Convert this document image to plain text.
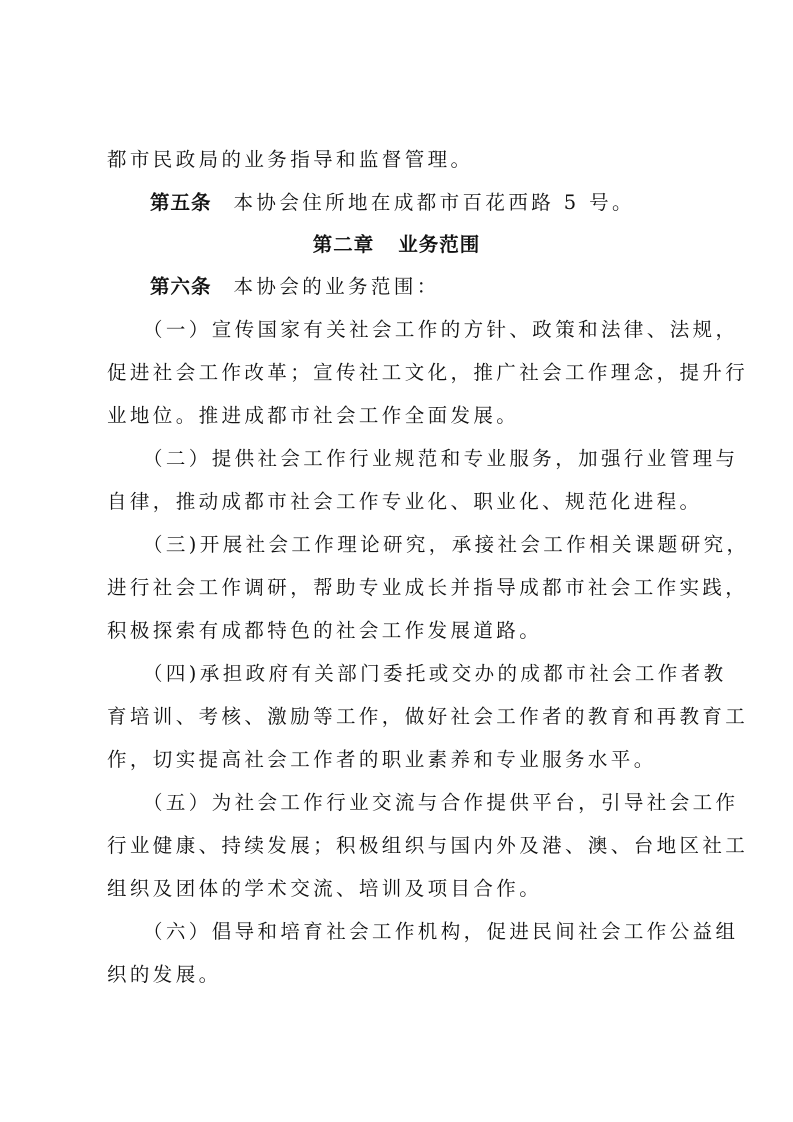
都市民政局的业务指导和监督管理。
第五条 本协会住所地在成都市百花西路 5 号。
第二章 业务范围
第六条 本协会的业务范围：
（一）宣传国家有关社会工作的方针、政策和法律、法规，
促进社会工作改革；宣传社工文化，推广社会工作理念，提升行
业地位。推进成都市社会工作全面发展。
（二）提供社会工作行业规范和专业服务，加强行业管理与
自律，推动成都市社会工作专业化、职业化、规范化进程。
（三)开展社会工作理论研究，承接社会工作相关课题研究，
进行社会工作调研，帮助专业成长并指导成都市社会工作实践，
积极探索有成都特色的社会工作发展道路。
（四)承担政府有关部门委托或交办的成都市社会工作者教
育培训、考核、激励等工作，做好社会工作者的教育和再教育工
作，切实提高社会工作者的职业素养和专业服务水平。
（五）为社会工作行业交流与合作提供平台，引导社会工作
行业健康、持续发展；积极组织与国内外及港、澳、台地区社工
组织及团体的学术交流、培训及项目合作。
（六）倡导和培育社会工作机构，促进民间社会工作公益组
织的发展。
